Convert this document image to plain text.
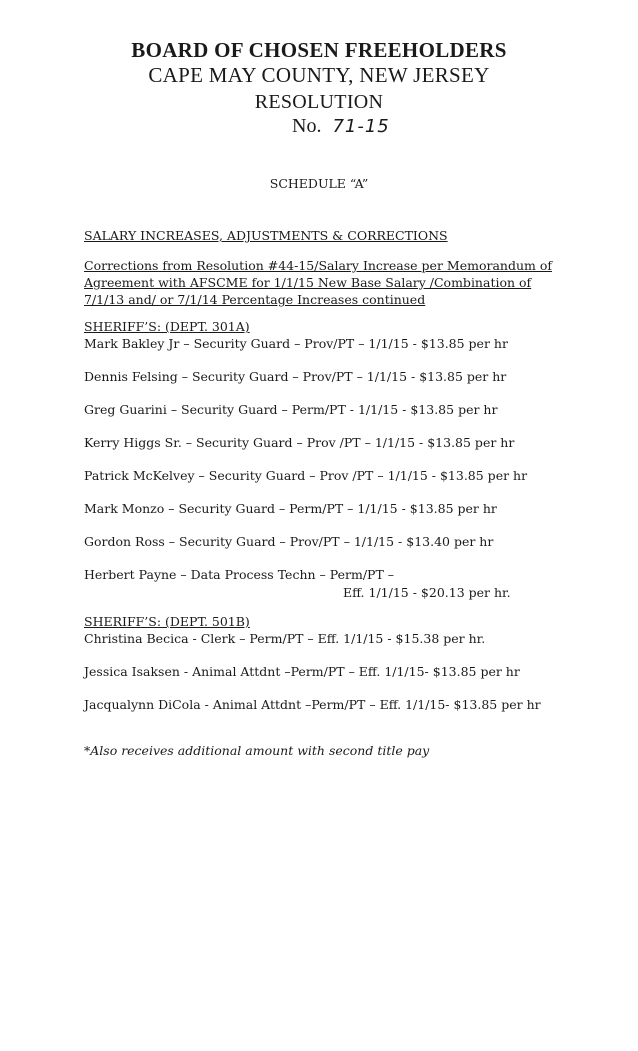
BOARD OF CHOSEN FREEHOLDERS
CAPE MAY COUNTY, NEW JERSEY
RESOLUTION
No. 71-15
SCHEDULE “A”
SALARY INCREASES, ADJUSTMENTS & CORRECTIONS
Corrections from Resolution #44-15/Salary Increase per Memorandum of
Agreement with AFSCME for 1/1/15 New Base Salary /Combination of
7/1/13 and/ or 7/1/14 Percentage Increases continued
SHERIFF’S: (DEPT. 301A)
Mark Bakley Jr – Security Guard – Prov/PT – 1/1/15 - $13.85 per hr
Dennis Felsing – Security Guard – Prov/PT – 1/1/15 - $13.85 per hr
Greg Guarini – Security Guard – Perm/PT - 1/1/15 - $13.85 per hr
Kerry Higgs Sr. – Security Guard – Prov /PT – 1/1/15 - $13.85 per hr
Patrick McKelvey – Security Guard – Prov /PT – 1/1/15 - $13.85 per hr
Mark Monzo – Security Guard – Perm/PT – 1/1/15 - $13.85 per hr
Gordon Ross – Security Guard – Prov/PT – 1/1/15 - $13.40 per hr
Herbert Payne – Data Process Techn – Perm/PT –
Eff. 1/1/15 - $20.13 per hr.
SHERIFF’S: (DEPT. 501B)
Christina Becica - Clerk – Perm/PT – Eff. 1/1/15 - $15.38 per hr.
Jessica Isaksen - Animal Attdnt –Perm/PT – Eff. 1/1/15- $13.85 per hr
Jacqualynn DiCola - Animal Attdnt –Perm/PT – Eff. 1/1/15- $13.85 per hr
*Also receives additional amount with second title pay
